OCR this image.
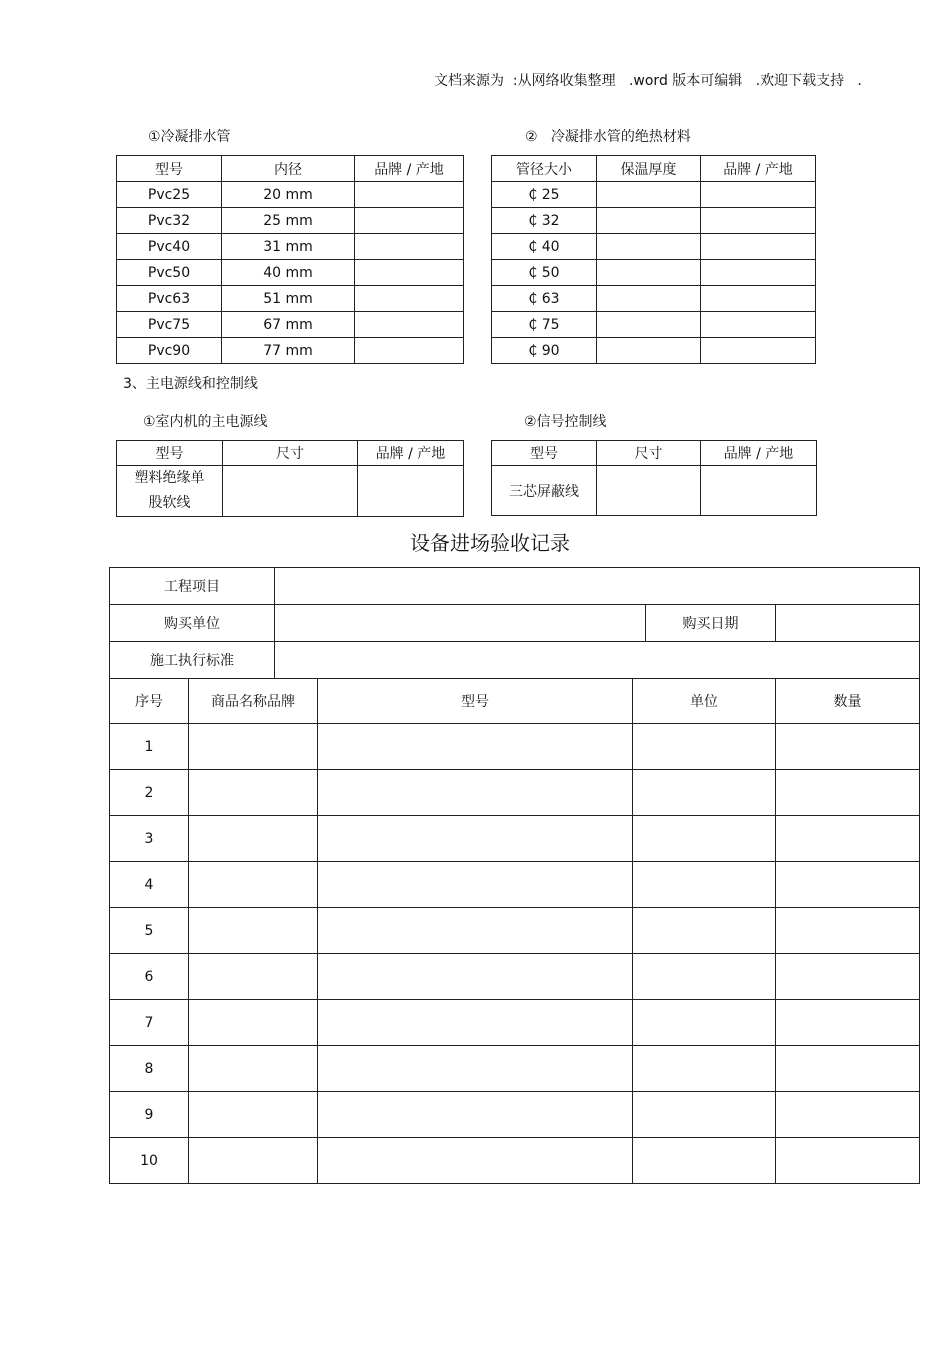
文档来源为  :从网络收集整理   .word 版本可编辑   .欢迎下载支持   .
①冷凝排水管	②   冷凝排水管的绝热材料
型号	内径	品牌 / 产地
Pvc25	20 mm	
Pvc32	25 mm	
Pvc40	31 mm	
Pvc50	40 mm	
Pvc63	51 mm	
Pvc75	67 mm	
Pvc90	77 mm	
管径大小	保温厚度	品牌 / 产地
₵ 25		
₵ 32		
₵ 40		
₵ 50		
₵ 63		
₵ 75		
₵ 90		
3、主电源线和控制线
①室内机的主电源线	②信号控制线
型号	尺寸	品牌 / 产地

塑料绝缘单
股软线		

型号	尺寸	品牌 / 产地
三芯屏蔽线		
设备进场验收记录
工程项目						
购买单位					购买日期	
施工执行标准						
序号	商品名称品牌		型号	单位		数量
1						
2						
3						
4						
5						
6						
7						
8						
9						
10						
